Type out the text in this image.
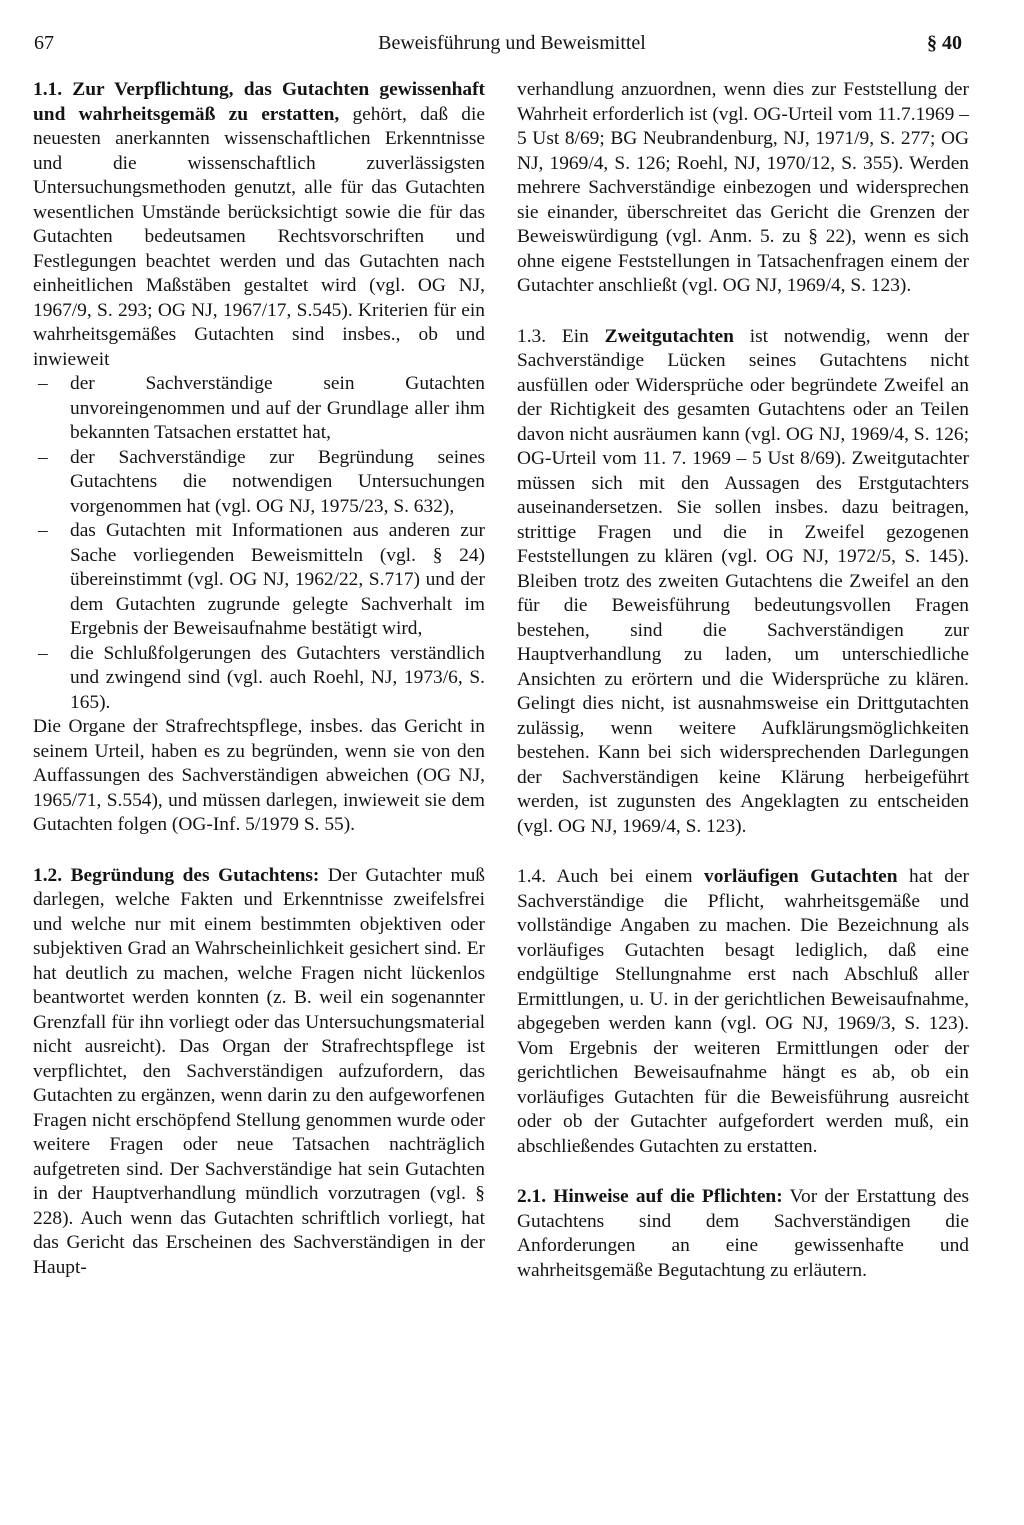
67	Beweisführung und Beweismittel	§ 40

1.1. Zur Verpflichtung, das Gutachten gewissenhaft und wahrheitsgemäß zu erstatten, gehört, daß die neuesten anerkannten wissenschaftlichen Erkenntnisse und die wissenschaftlich zuverlässigsten Untersuchungsmethoden genutzt, alle für das Gutachten wesentlichen Umstände berücksichtigt sowie die für das Gutachten bedeutsamen Rechtsvorschriften und Festlegungen beachtet werden und das Gutachten nach einheitlichen Maßstäben gestaltet wird (vgl. OG NJ, 1967/9, S. 293; OG NJ, 1967/17, S.545). Kriterien für ein wahrheitsgemäßes Gutachten sind insbes., ob und inwieweit

– der Sachverständige sein Gutachten unvoreingenommen und auf der Grundlage aller ihm bekannten Tatsachen erstattet hat,
– der Sachverständige zur Begründung seines Gutachtens die notwendigen Untersuchungen vorgenommen hat (vgl. OG NJ, 1975/23, S. 632),
– das Gutachten mit Informationen aus anderen zur Sache vorliegenden Beweismitteln (vgl. § 24) übereinstimmt (vgl. OG NJ, 1962/22, S.717) und der dem Gutachten zugrunde gelegte Sachverhalt im Ergebnis der Beweisaufnahme bestätigt wird,
– die Schlußfolgerungen des Gutachters verständlich und zwingend sind (vgl. auch Roehl, NJ, 1973/6, S. 165).

Die Organe der Strafrechtspflege, insbes. das Gericht in seinem Urteil, haben es zu begründen, wenn sie von den Auffassungen des Sachverständigen abweichen (OG NJ, 1965/71, S.554), und müssen darlegen, inwieweit sie dem Gutachten folgen (OG-Inf. 5/1979 S. 55).

1.2. Begründung des Gutachtens: Der Gutachter muß darlegen, welche Fakten und Erkenntnisse zweifelsfrei und welche nur mit einem bestimmten objektiven oder subjektiven Grad an Wahrscheinlichkeit gesichert sind. Er hat deutlich zu machen, welche Fragen nicht lückenlos beantwortet werden konnten (z. B. weil ein sogenannter Grenzfall für ihn vorliegt oder das Untersuchungsmaterial nicht ausreicht). Das Organ der Strafrechtspflege ist verpflichtet, den Sachverständigen aufzufordern, das Gutachten zu ergänzen, wenn darin zu den aufgeworfenen Fragen nicht erschöpfend Stellung genommen wurde oder weitere Fragen oder neue Tatsachen nachträglich aufgetreten sind. Der Sachverständige hat sein Gutachten in der Hauptverhandlung mündlich vorzutragen (vgl. § 228). Auch wenn das Gutachten schriftlich vorliegt, hat das Gericht das Erscheinen des Sachverständigen in der Haupt-

verhandlung anzuordnen, wenn dies zur Feststellung der Wahrheit erforderlich ist (vgl. OG-Urteil vom 11.7.1969 – 5 Ust 8/69; BG Neubrandenburg, NJ, 1971/9, S. 277; OG NJ, 1969/4, S. 126; Roehl, NJ, 1970/12, S. 355). Werden mehrere Sachverständige einbezogen und widersprechen sie einander, überschreitet das Gericht die Grenzen der Beweiswürdigung (vgl. Anm. 5. zu § 22), wenn es sich ohne eigene Feststellungen in Tatsachenfragen einem der Gutachter anschließt (vgl. OG NJ, 1969/4, S. 123).

1.3. Ein Zweitgutachten ist notwendig, wenn der Sachverständige Lücken seines Gutachtens nicht ausfüllen oder Widersprüche oder begründete Zweifel an der Richtigkeit des gesamten Gutachtens oder an Teilen davon nicht ausräumen kann (vgl. OG NJ, 1969/4, S. 126; OG-Urteil vom 11. 7. 1969 – 5 Ust 8/69). Zweitgutachter müssen sich mit den Aussagen des Erstgutachters auseinandersetzen. Sie sollen insbes. dazu beitragen, strittige Fragen und die in Zweifel gezogenen Feststellungen zu klären (vgl. OG NJ, 1972/5, S. 145). Bleiben trotz des zweiten Gutachtens die Zweifel an den für die Beweisführung bedeutungsvollen Fragen bestehen, sind die Sachverständigen zur Hauptverhandlung zu laden, um unterschiedliche Ansichten zu erörtern und die Widersprüche zu klären. Gelingt dies nicht, ist ausnahmsweise ein Drittgutachten zulässig, wenn weitere Aufklärungsmöglichkeiten bestehen. Kann bei sich widersprechenden Darlegungen der Sachverständigen keine Klärung herbeigeführt werden, ist zugunsten des Angeklagten zu entscheiden (vgl. OG NJ, 1969/4, S. 123).

1.4. Auch bei einem vorläufigen Gutachten hat der Sachverständige die Pflicht, wahrheitsgemäße und vollständige Angaben zu machen. Die Bezeichnung als vorläufiges Gutachten besagt lediglich, daß eine endgültige Stellungnahme erst nach Abschluß aller Ermittlungen, u. U. in der gerichtlichen Beweisaufnahme, abgegeben werden kann (vgl. OG NJ, 1969/3, S. 123). Vom Ergebnis der weiteren Ermittlungen oder der gerichtlichen Beweisaufnahme hängt es ab, ob ein vorläufiges Gutachten für die Beweisführung ausreicht oder ob der Gutachter aufgefordert werden muß, ein abschließendes Gutachten zu erstatten.

2.1. Hinweise auf die Pflichten: Vor der Erstattung des Gutachtens sind dem Sachverständigen die Anforderungen an eine gewissenhafte und wahrheitsgemäße Begutachtung zu erläutern.
